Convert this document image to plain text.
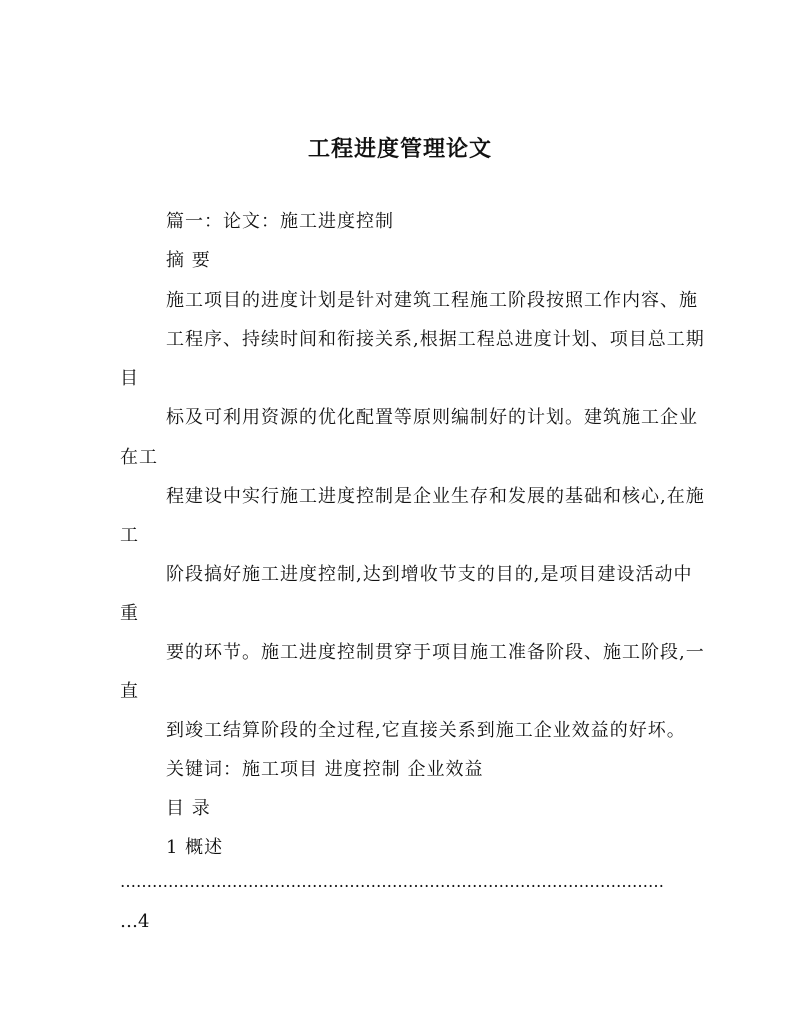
工程进度管理论文
篇一：论文：施工进度控制
摘 要
施工项目的进度计划是针对建筑工程施工阶段按照工作内容、施
工程序、持续时间和衔接关系,根据工程总进度计划、项目总工期
目
标及可利用资源的优化配置等原则编制好的计划。建筑施工企业
在工
程建设中实行施工进度控制是企业生存和发展的基础和核心,在施
工
阶段搞好施工进度控制,达到增收节支的目的,是项目建设活动中
重
要的环节。施工进度控制贯穿于项目施工准备阶段、施工阶段,一
直
到竣工结算阶段的全过程,它直接关系到施工企业效益的好坏。
关键词：施工项目 进度控制 企业效益
目 录
1 概述
…………………………………………………………………………………………
…4
